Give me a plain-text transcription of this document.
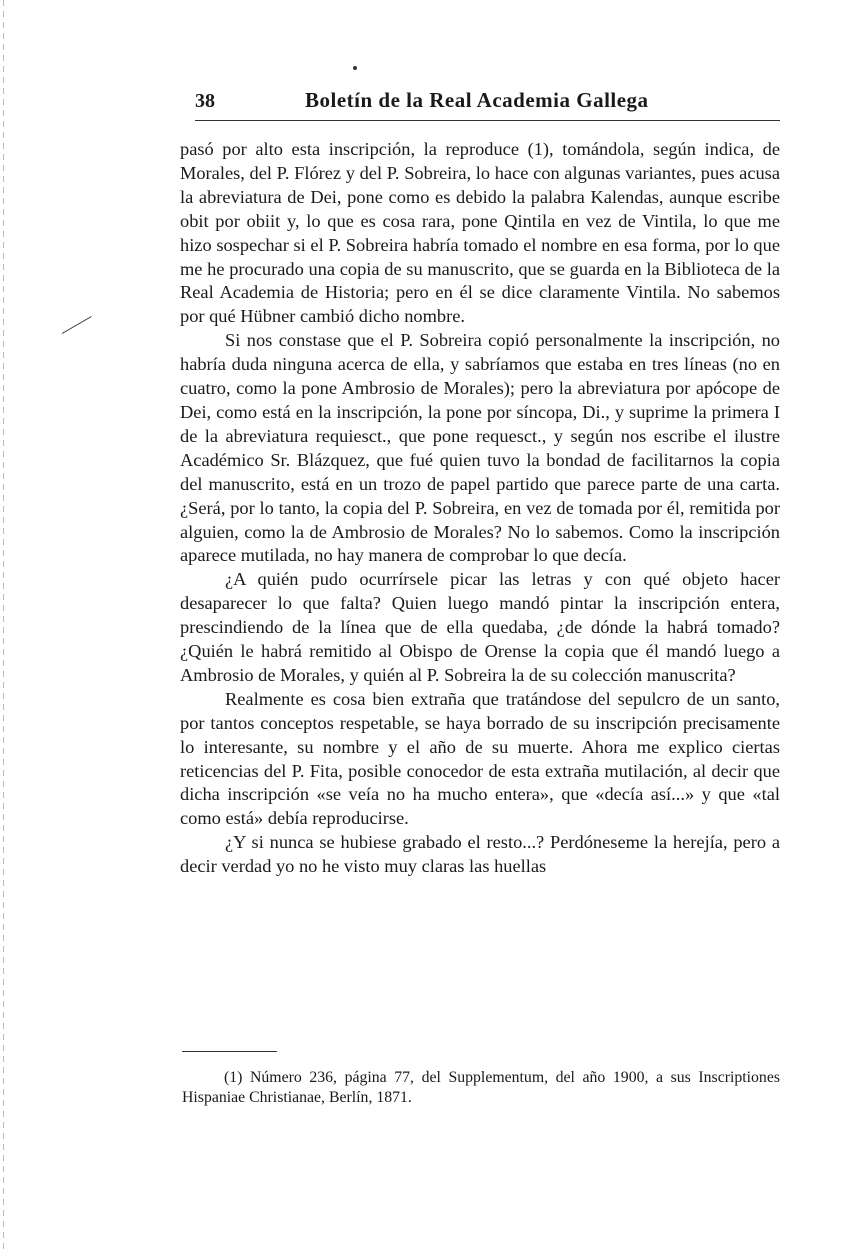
38	Boletín de la Real Academia Gallega

pasó por alto esta inscripción, la reproduce (1), tomándola, según indica, de Morales, del P. Flórez y del P. Sobreira, lo hace con algunas variantes, pues acusa la abreviatura de Dei, pone como es debido la palabra Kalendas, aunque escribe obit por obiit y, lo que es cosa rara, pone Qintila en vez de Vintila, lo que me hizo sospechar si el P. Sobreira habría tomado el nombre en esa forma, por lo que me he procurado una copia de su manuscrito, que se guarda en la Biblioteca de la Real Academia de Historia; pero en él se dice claramente Vintila. No sabemos por qué Hübner cambió dicho nombre.

Si nos constase que el P. Sobreira copió personalmente la inscripción, no habría duda ninguna acerca de ella, y sabríamos que estaba en tres líneas (no en cuatro, como la pone Ambrosio de Morales); pero la abreviatura por apócope de Dei, como está en la inscripción, la pone por síncopa, Di., y suprime la primera I de la abreviatura requiesct., que pone requesct., y según nos escribe el ilustre Académico Sr. Blázquez, que fué quien tuvo la bondad de facilitarnos la copia del manuscrito, está en un trozo de papel partido que parece parte de una carta. ¿Será, por lo tanto, la copia del P. Sobreira, en vez de tomada por él, remitida por alguien, como la de Ambrosio de Morales? No lo sabemos. Como la inscripción aparece mutilada, no hay manera de comprobar lo que decía.

¿A quién pudo ocurrírsele picar las letras y con qué objeto hacer desaparecer lo que falta? Quien luego mandó pintar la inscripción entera, prescindiendo de la línea que de ella quedaba, ¿de dónde la habrá tomado? ¿Quién le habrá remitido al Obispo de Orense la copia que él mandó luego a Ambrosio de Morales, y quién al P. Sobreira la de su colección manuscrita?

Realmente es cosa bien extraña que tratándose del sepulcro de un santo, por tantos conceptos respetable, se haya borrado de su inscripción precisamente lo interesante, su nombre y el año de su muerte. Ahora me explico ciertas reticencias del P. Fita, posible conocedor de esta extraña mutilación, al decir que dicha inscripción «se veía no ha mucho entera», que «decía así...» y que «tal como está» debía reproducirse.

¿Y si nunca se hubiese grabado el resto...? Perdóneseme la herejía, pero a decir verdad yo no he visto muy claras las huellas

(1) Número 236, página 77, del Supplementum, del año 1900, a sus Inscriptiones Hispaniae Christianae, Berlín, 1871.
